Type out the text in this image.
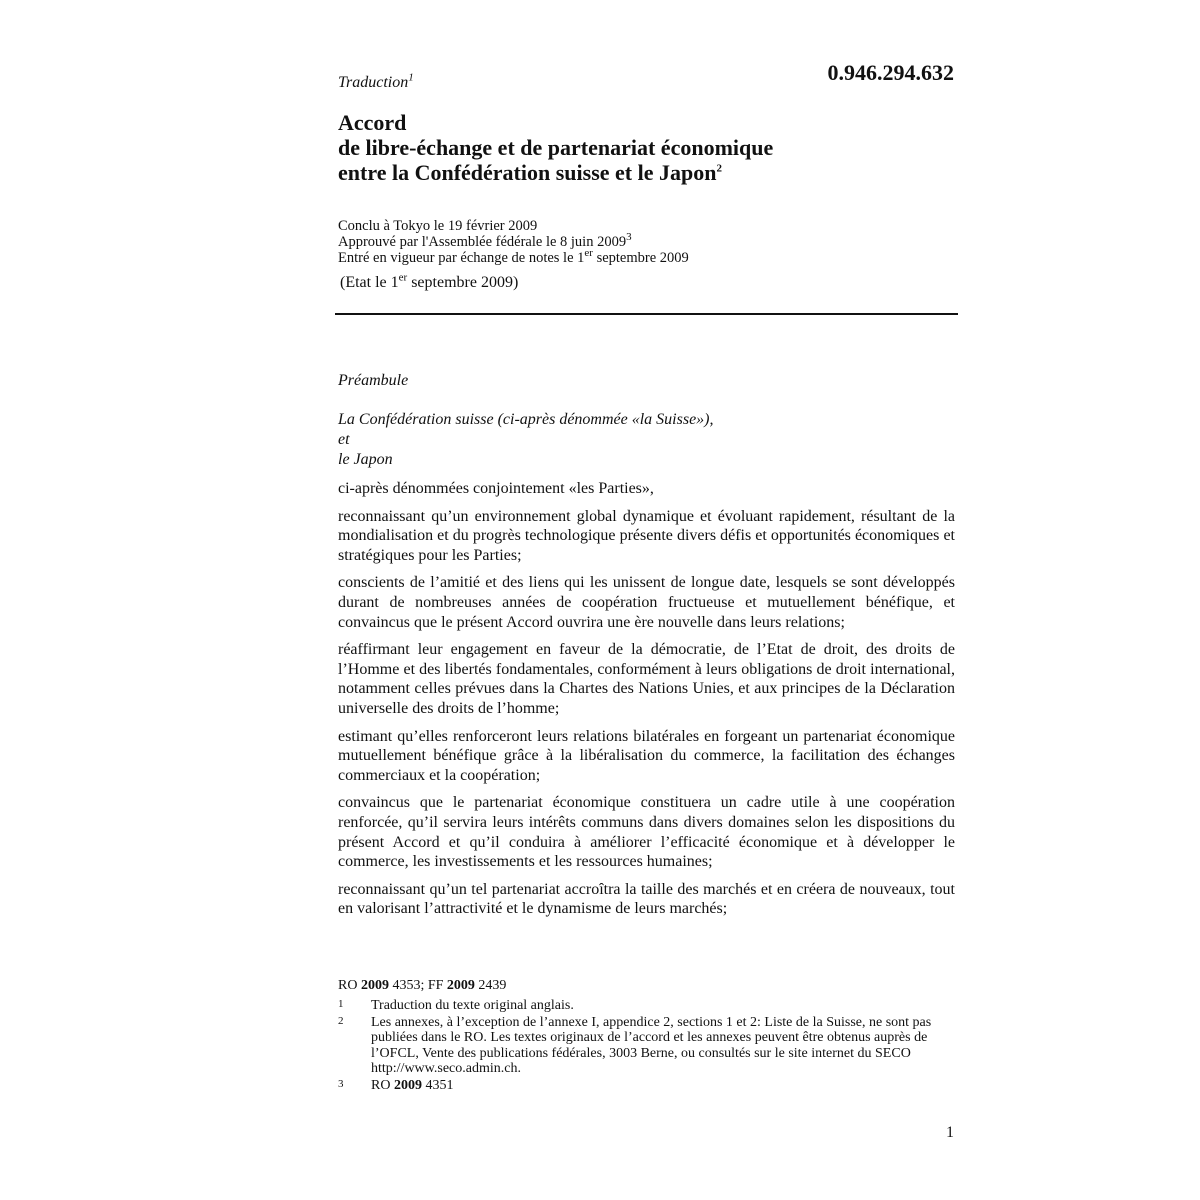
Traduction$^1$	0.946.294.632
Accord
de libre-échange et de partenariat économique
entre la Confédération suisse et le Japon$^2$
Conclu à Tokyo le 19 février 2009
Approuvé par l'Assemblée fédérale le 8 juin 2009$^3$
Entré en vigueur par échange de notes le 1er septembre 2009
(Etat le 1er septembre 2009)
Préambule
La Confédération suisse (ci-après dénommée «la Suisse»),
et
le Japon

ci-après dénommées conjointement «les Parties»,

reconnaissant qu’un environnement global dynamique et évoluant rapidement, résultant de la mondialisation et du progrès technologique présente divers défis et opportunités économiques et stratégiques pour les Parties;

conscients de l’amitié et des liens qui les unissent de longue date, lesquels se sont développés durant de nombreuses années de coopération fructueuse et mutuellement bénéfique, et convaincus que le présent Accord ouvrira une ère nouvelle dans leurs relations;

réaffirmant leur engagement en faveur de la démocratie, de l’Etat de droit, des droits de l’Homme et des libertés fondamentales, conformément à leurs obligations de droit international, notamment celles prévues dans la Chartes des Nations Unies, et aux principes de la Déclaration universelle des droits de l’homme;

estimant qu’elles renforceront leurs relations bilatérales en forgeant un partenariat économique mutuellement bénéfique grâce à la libéralisation du commerce, la facilitation des échanges commerciaux et la coopération;

convaincus que le partenariat économique constituera un cadre utile à une coopération renforcée, qu’il servira leurs intérêts communs dans divers domaines selon les dispositions du présent Accord et qu’il conduira à améliorer l’efficacité économique et à développer le commerce, les investissements et les ressources humaines;

reconnaissant qu’un tel partenariat accroîtra la taille des marchés et en créera de nouveaux, tout en valorisant l’attractivité et le dynamisme de leurs marchés;

RO 2009 4353; FF 2009 2439
1	Traduction du texte original anglais.
2	Les annexes, à l’exception de l’annexe I, appendice 2, sections 1 et 2: Liste de la Suisse, ne sont pas publiées dans le RO. Les textes originaux de l’accord et les annexes peuvent être obtenus auprès de l’OFCL, Vente des publications fédérales, 3003 Berne, ou consultés sur le site internet du SECO http://www.seco.admin.ch.
3	RO 2009 4351
1
